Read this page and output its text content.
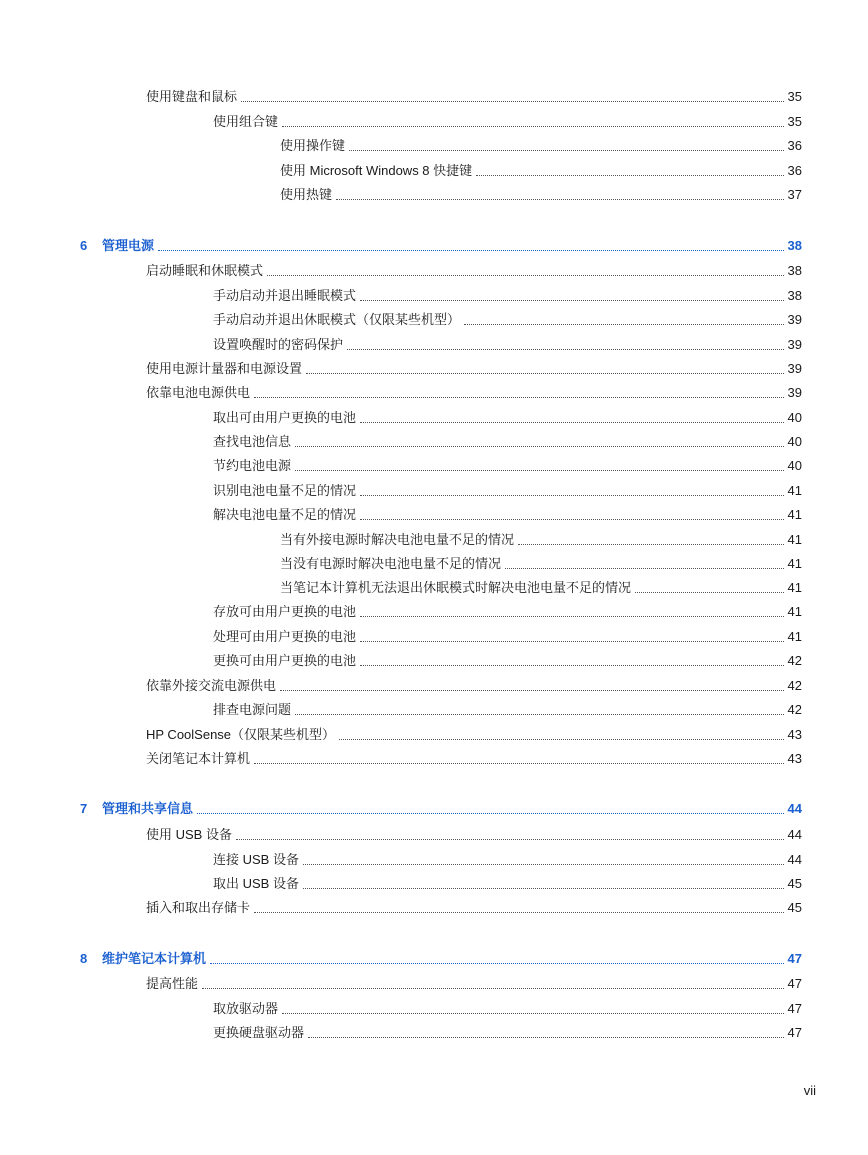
使用键盘和鼠标	35
使用组合键	35
使用操作键	36
使用 Microsoft Windows 8 快捷键	36
使用热键	37
6	管理电源	38
启动睡眠和休眠模式	38
手动启动并退出睡眠模式	38
手动启动并退出休眠模式（仅限某些机型）	39
设置唤醒时的密码保护	39
使用电源计量器和电源设置	39
依靠电池电源供电	39
取出可由用户更换的电池	40
查找电池信息	40
节约电池电源	40
识别电池电量不足的情况	41
解决电池电量不足的情况	41
当有外接电源时解决电池电量不足的情况	41
当没有电源时解决电池电量不足的情况	41
当笔记本计算机无法退出休眠模式时解决电池电量不足的情况	41
存放可由用户更换的电池	41
处理可由用户更换的电池	41
更换可由用户更换的电池	42
依靠外接交流电源供电	42
排查电源问题	42
HP CoolSense（仅限某些机型）	43
关闭笔记本计算机	43
7	管理和共享信息	44
使用 USB 设备	44
连接 USB 设备	44
取出 USB 设备	45
插入和取出存储卡	45
8	维护笔记本计算机	47
提高性能	47
取放驱动器	47
更换硬盘驱动器	47
vii
